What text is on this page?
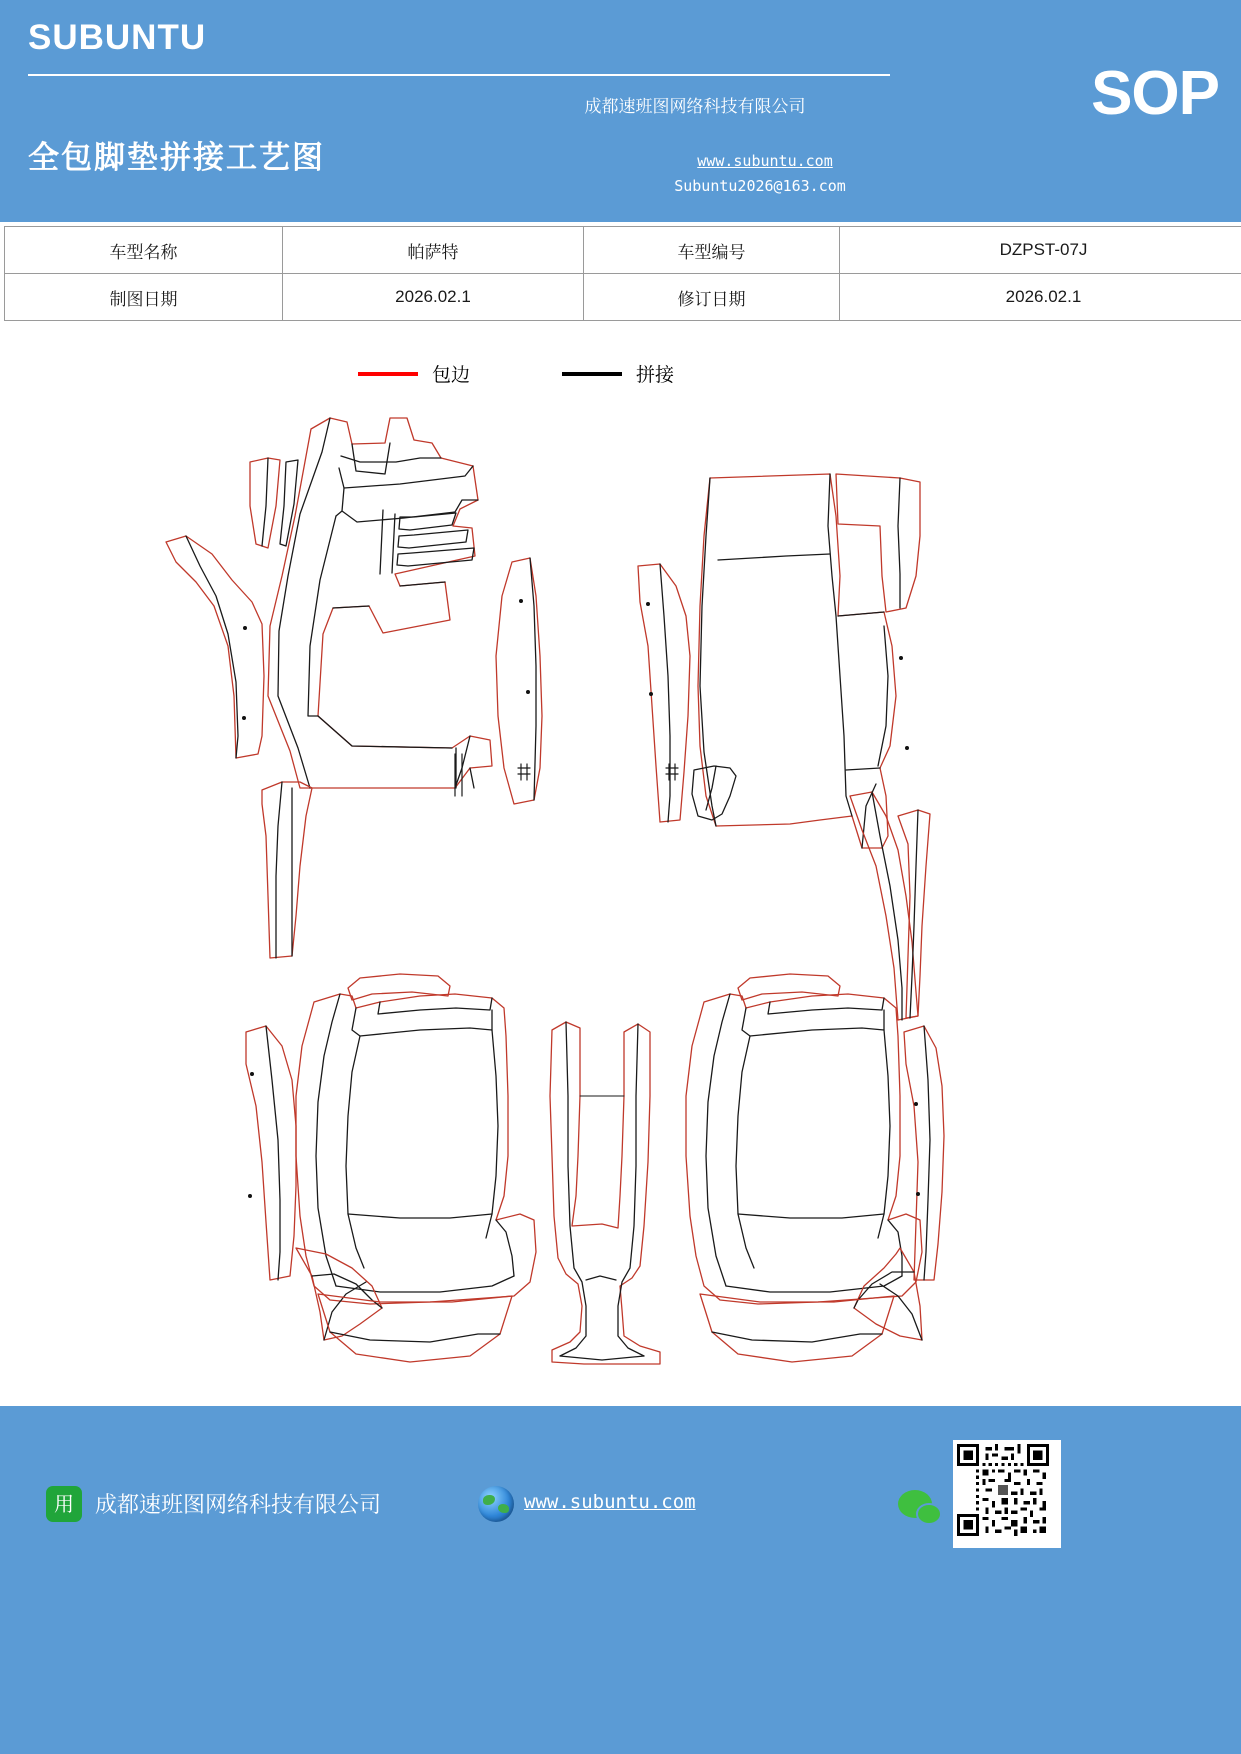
SUBUNTU
全包脚垫拼接工艺图
成都速班图网络科技有限公司	SOP
www.subuntu.com
Subuntu2026@163.com
车型名称	帕萨特	车型编号	DZPST-07J
制图日期	2026.02.1	修订日期	2026.02.1
包边	拼接
用 成都速班图网络科技有限公司	www.subuntu.com
